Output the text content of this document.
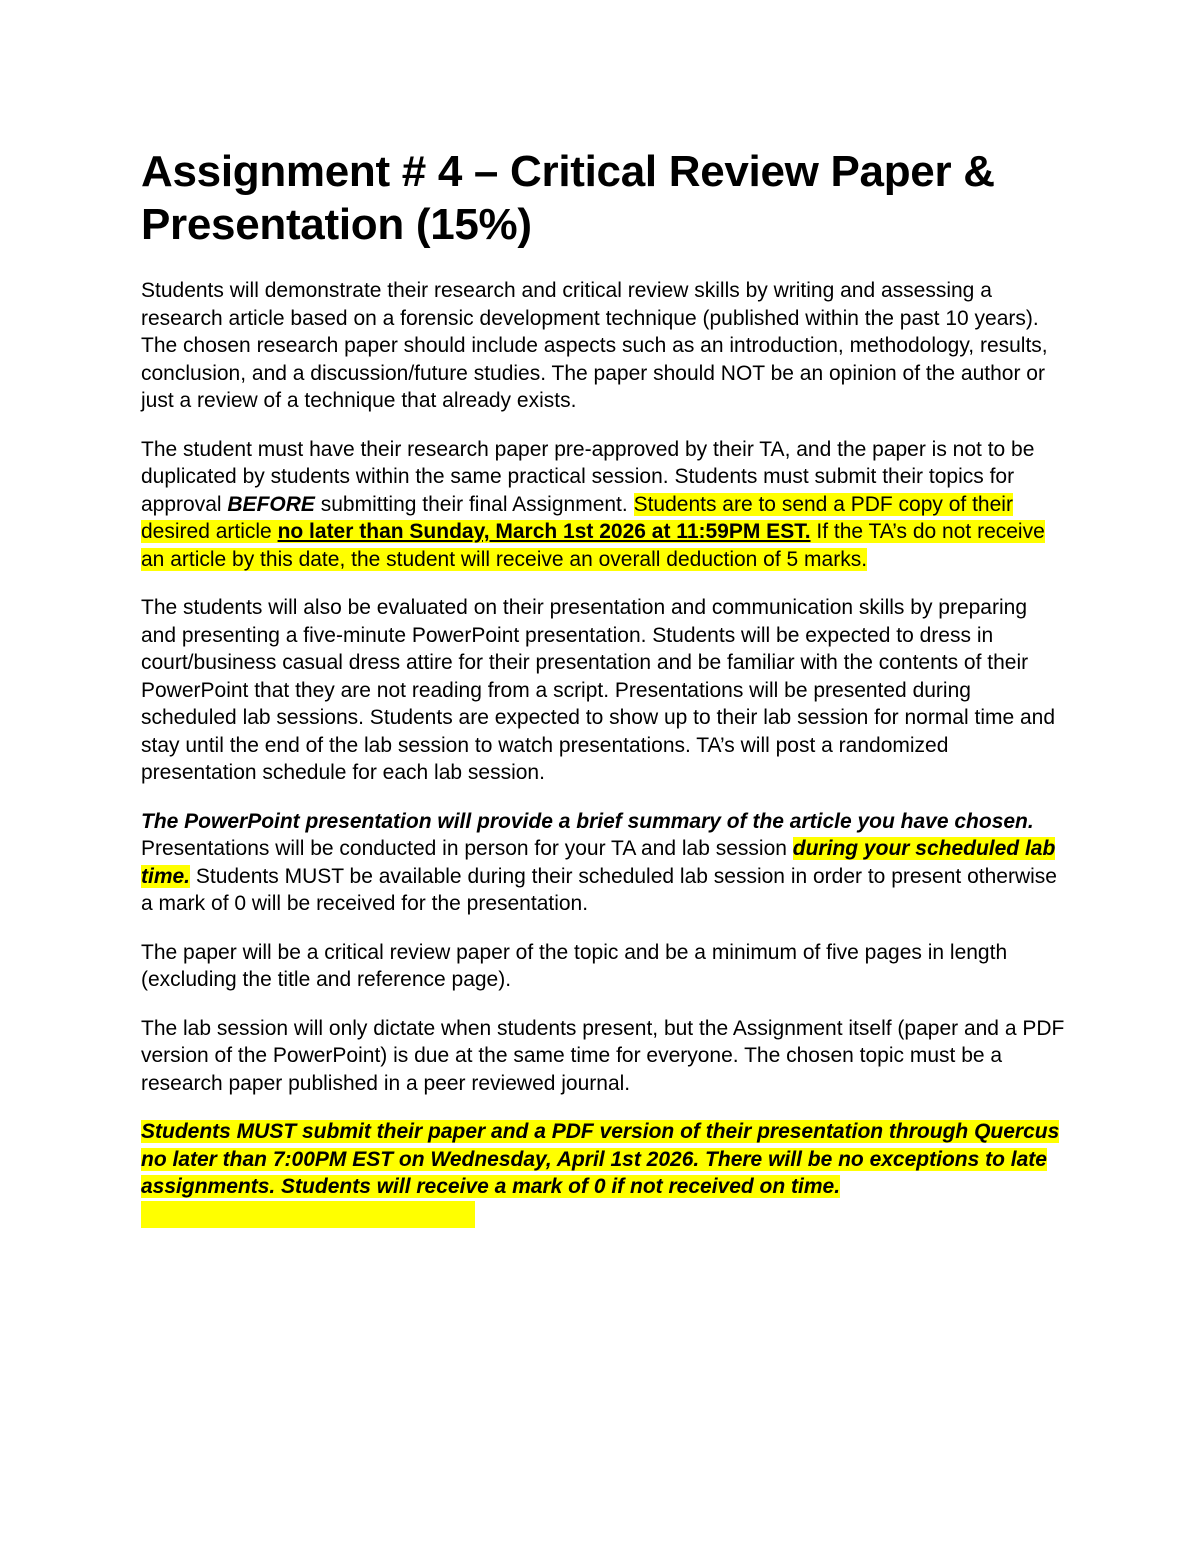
Assignment # 4 – Critical Review Paper & Presentation (15%)

Students will demonstrate their research and critical review skills by writing and assessing a research article based on a forensic development technique (published within the past 10 years). The chosen research paper should include aspects such as an introduction, methodology, results, conclusion, and a discussion/future studies. The paper should NOT be an opinion of the author or just a review of a technique that already exists.

The student must have their research paper pre-approved by their TA, and the paper is not to be duplicated by students within the same practical session. Students must submit their topics for approval BEFORE submitting their final Assignment. Students are to send a PDF copy of their desired article no later than Sunday, March 1st 2026 at 11:59PM EST. If the TA’s do not receive an article by this date, the student will receive an overall deduction of 5 marks.

The students will also be evaluated on their presentation and communication skills by preparing and presenting a five-minute PowerPoint presentation. Students will be expected to dress in court/business casual dress attire for their presentation and be familiar with the contents of their PowerPoint that they are not reading from a script. Presentations will be presented during scheduled lab sessions. Students are expected to show up to their lab session for normal time and stay until the end of the lab session to watch presentations. TA’s will post a randomized presentation schedule for each lab session.

The PowerPoint presentation will provide a brief summary of the article you have chosen. Presentations will be conducted in person for your TA and lab session during your scheduled lab time. Students MUST be available during their scheduled lab session in order to present otherwise a mark of 0 will be received for the presentation.

The paper will be a critical review paper of the topic and be a minimum of five pages in length (excluding the title and reference page).

The lab session will only dictate when students present, but the Assignment itself (paper and a PDF version of the PowerPoint) is due at the same time for everyone. The chosen topic must be a research paper published in a peer reviewed journal.

Students MUST submit their paper and a PDF version of their presentation through Quercus no later than 7:00PM EST on Wednesday, April 1st 2026. There will be no exceptions to late assignments. Students will receive a mark of 0 if not received on time.
